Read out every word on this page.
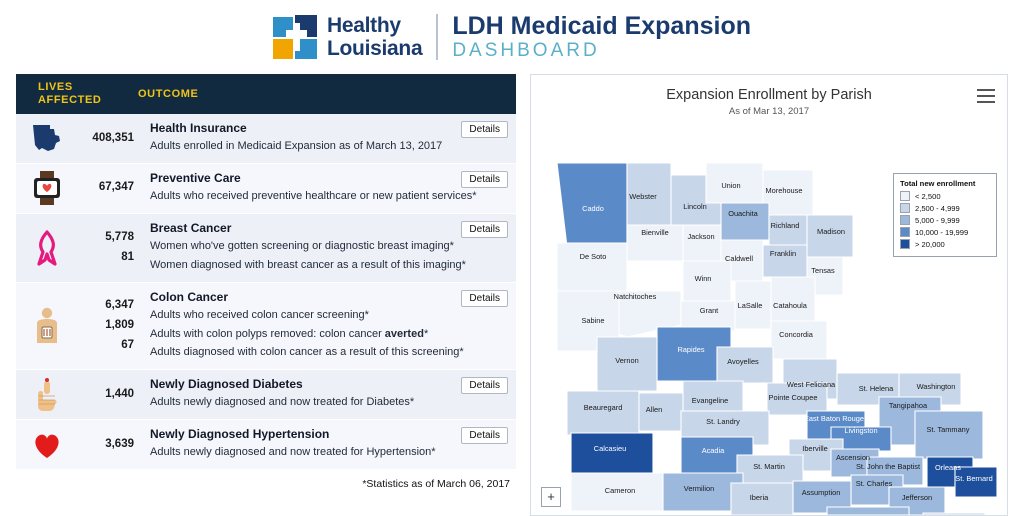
Healthy
Louisiana
LDH Medicaid Expansion
DASHBOARD
LIVES
AFFECTED	OUTCOME
408,351
Health Insurance
Adults enrolled in Medicaid Expansion as of March 13, 2017
Details
67,347
Preventive Care
Adults who received preventive healthcare or new patient services*
Details
5,778
81
Breast Cancer
Women who've gotten screening or diagnostic breast imaging*
Women diagnosed with breast cancer as a result of this imaging*
Details
6,347
1,809
67
Colon Cancer
Adults who received colon cancer screening*
Adults with colon polyps removed: colon cancer averted*
Adults diagnosed with colon cancer as a result of this screening*
Details
1,440
Newly Diagnosed Diabetes
Adults newly diagnosed and now treated for Diabetes*
Details
3,639
Newly Diagnosed Hypertension
Adults newly diagnosed and now treated for Hypertension*
Details
*Statistics as of March 06, 2017
Expansion Enrollment by Parish
As of Mar 13, 2017
Caddo
Webster
Bienville
Lincoln
Union
Morehouse
Ouachita
Richland
Madison
Jackson
Caldwell
Franklin
Tensas
De Soto
Winn
Natchitoches
Grant
LaSalle Catahoula
Sabine
Concordia
Rapides
Avoyelles
Vernon
West Feliciana
Pointe Coupee
St. Helena	Washington
Tangipahoa
Evangeline
Allen
Beauregard
St. Landry	East Baton Rouge
Livingston	St. Tammany
Acadia	Iberville
Ascension
Calcasieu
St. Martin	St. John the Baptist Orleans
St. Bernard
St. Charles
Jefferson
Vermilion
Iberia
Assumption
Cameron
Total new enrollment
< 2,500
2,500 - 4,999
5,000 - 9,999
10,000 - 19,999
> 20,000
+
